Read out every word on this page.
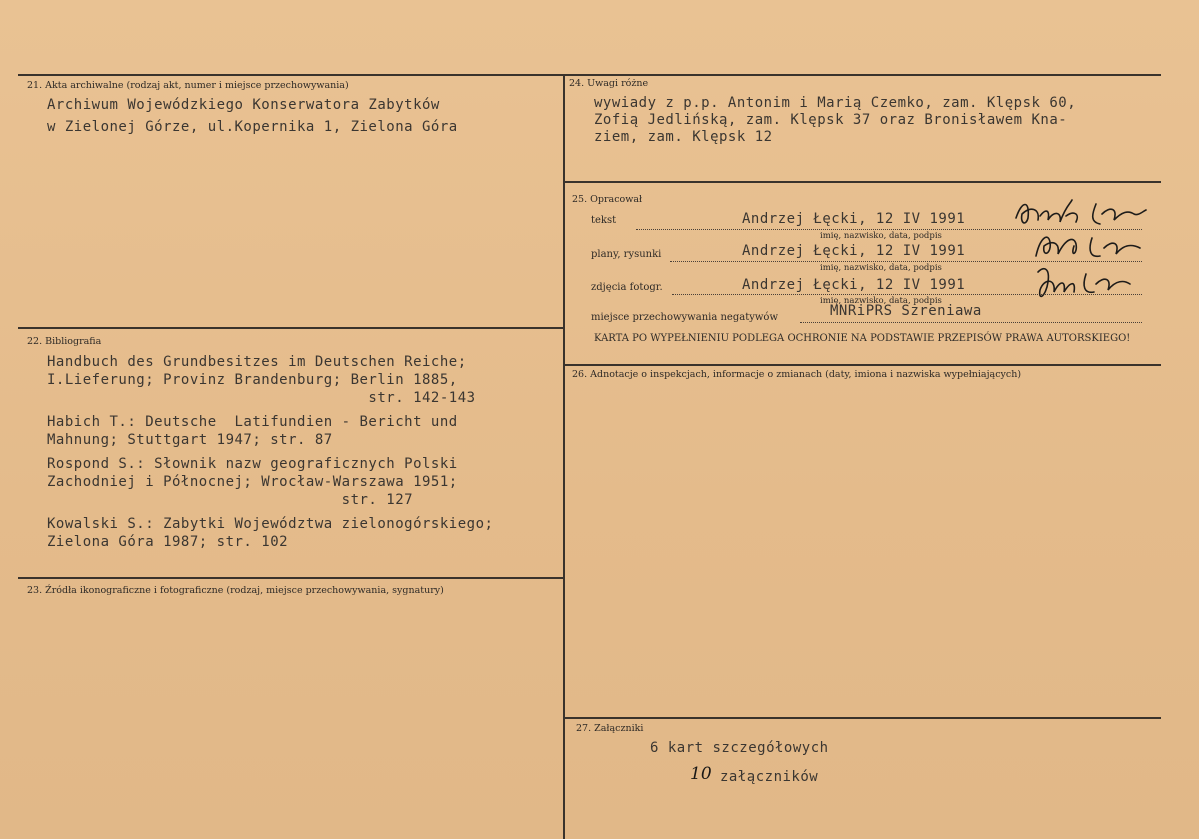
21. Akta archiwalne (rodzaj akt, numer i miejsce przechowywania)
Archiwum Wojewódzkiego Konserwatora Zabytków
w Zielonej Górze, ul.Kopernika 1, Zielona Góra
22. Bibliografia
Handbuch des Grundbesitzes im Deutschen Reiche;
I.Lieferung; Provinz Brandenburg; Berlin 1885,
str. 142-143
Habich T.: Deutsche  Latifundien - Bericht und
Mahnung; Stuttgart 1947; str. 87
Rospond S.: Słownik nazw geograficznych Polski
Zachodniej i Północnej; Wrocław-Warszawa 1951;
str. 127
Kowalski S.: Zabytki Województwa zielonogórskiego;
Zielona Góra 1987; str. 102
23. Źródła ikonograficzne i fotograficzne (rodzaj, miejsce przechowywania, sygnatury)
24. Uwagi różne
wywiady z p.p. Antonim i Marią Czemko, zam. Klępsk 60,
Zofią Jedlińską, zam. Klępsk 37 oraz Bronisławem Kna-
ziem, zam. Klępsk 12
25. Opracował
tekst	Andrzej Łęcki, 12 IV 1991
imię, nazwisko, data, podpis
plany, rysunki	Andrzej Łęcki, 12 IV 1991
imię, nazwisko, data, podpis
zdjęcia fotogr.	Andrzej Łęcki, 12 IV 1991
imię, nazwisko, data, podpis
miejsce przechowywania negatywów	MNRiPRS Szreniawa
KARTA PO WYPEŁNIENIU PODLEGA OCHRONIE NA PODSTAWIE PRZEPISÓW PRAWA AUTORSKIEGO!
26. Adnotacje o inspekcjach, informacje o zmianach (daty, imiona i nazwiska wypełniających)
27. Załączniki
6 kart szczegółowych
10 załączników
